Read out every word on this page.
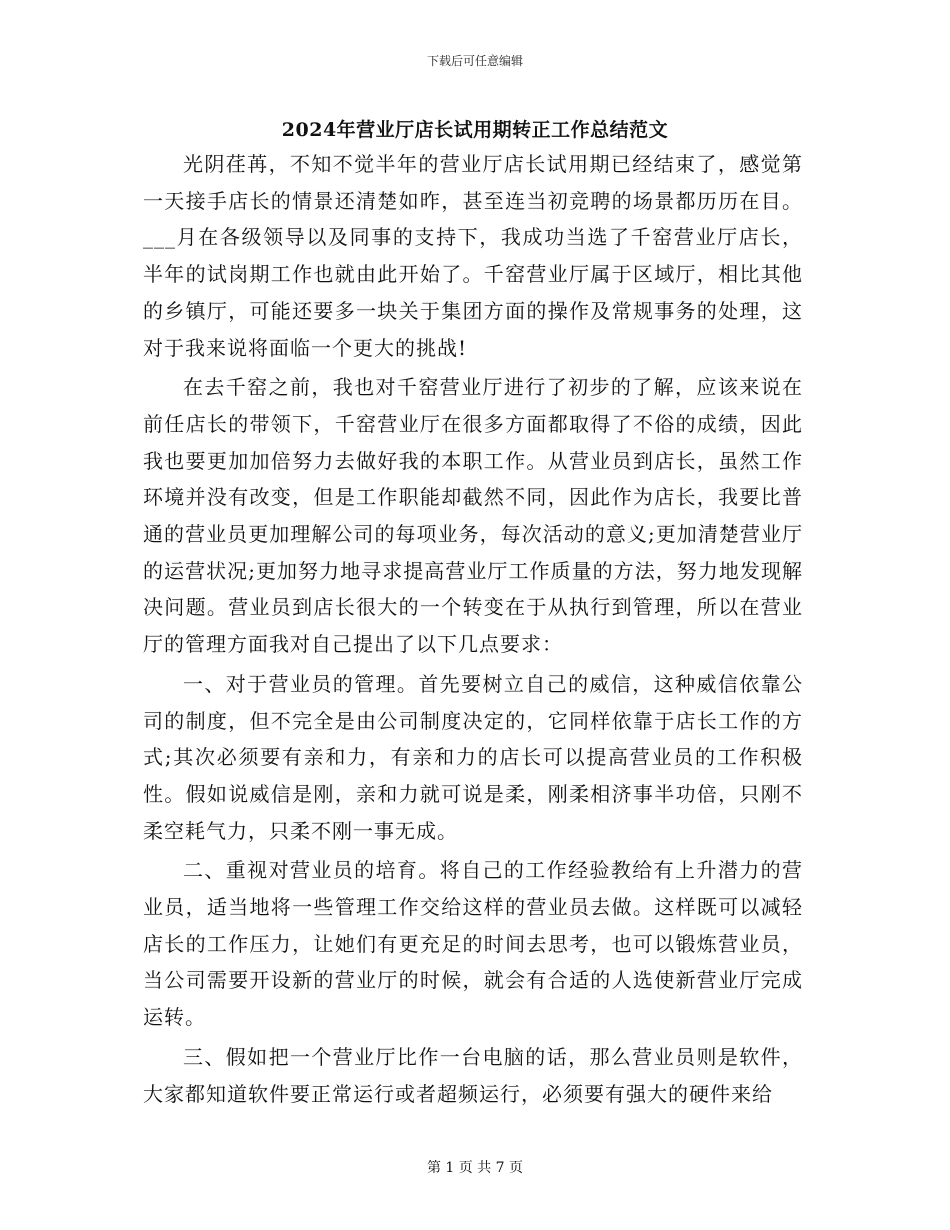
下载后可任意编辑
2024年营业厅店长试用期转正工作总结范文

光阴荏苒，不知不觉半年的营业厅店长试用期已经结束了，感觉第一天接手店长的情景还清楚如昨，甚至连当初竞聘的场景都历历在目。___月在各级领导以及同事的支持下，我成功当选了千窑营业厅店长，半年的试岗期工作也就由此开始了。千窑营业厅属于区域厅，相比其他的乡镇厅，可能还要多一块关于集团方面的操作及常规事务的处理，这对于我来说将面临一个更大的挑战!

在去千窑之前，我也对千窑营业厅进行了初步的了解，应该来说在前任店长的带领下，千窑营业厅在很多方面都取得了不俗的成绩，因此我也要更加加倍努力去做好我的本职工作。从营业员到店长，虽然工作环境并没有改变，但是工作职能却截然不同，因此作为店长，我要比普通的营业员更加理解公司的每项业务，每次活动的意义;更加清楚营业厅的运营状况;更加努力地寻求提高营业厅工作质量的方法，努力地发现解决问题。营业员到店长很大的一个转变在于从执行到管理，所以在营业厅的管理方面我对自己提出了以下几点要求：

一、对于营业员的管理。首先要树立自己的威信，这种威信依靠公司的制度，但不完全是由公司制度决定的，它同样依靠于店长工作的方式;其次必须要有亲和力，有亲和力的店长可以提高营业员的工作积极性。假如说威信是刚，亲和力就可说是柔，刚柔相济事半功倍，只刚不柔空耗气力，只柔不刚一事无成。

二、重视对营业员的培育。将自己的工作经验教给有上升潜力的营业员，适当地将一些管理工作交给这样的营业员去做。这样既可以减轻店长的工作压力，让她们有更充足的时间去思考，也可以锻炼营业员，当公司需要开设新的营业厅的时候，就会有合适的人选使新营业厅完成运转。

三、假如把一个营业厅比作一台电脑的话，那么营业员则是软件，大家都知道软件要正常运行或者超频运行，必须要有强大的硬件来给

第 1 页 共 7 页
